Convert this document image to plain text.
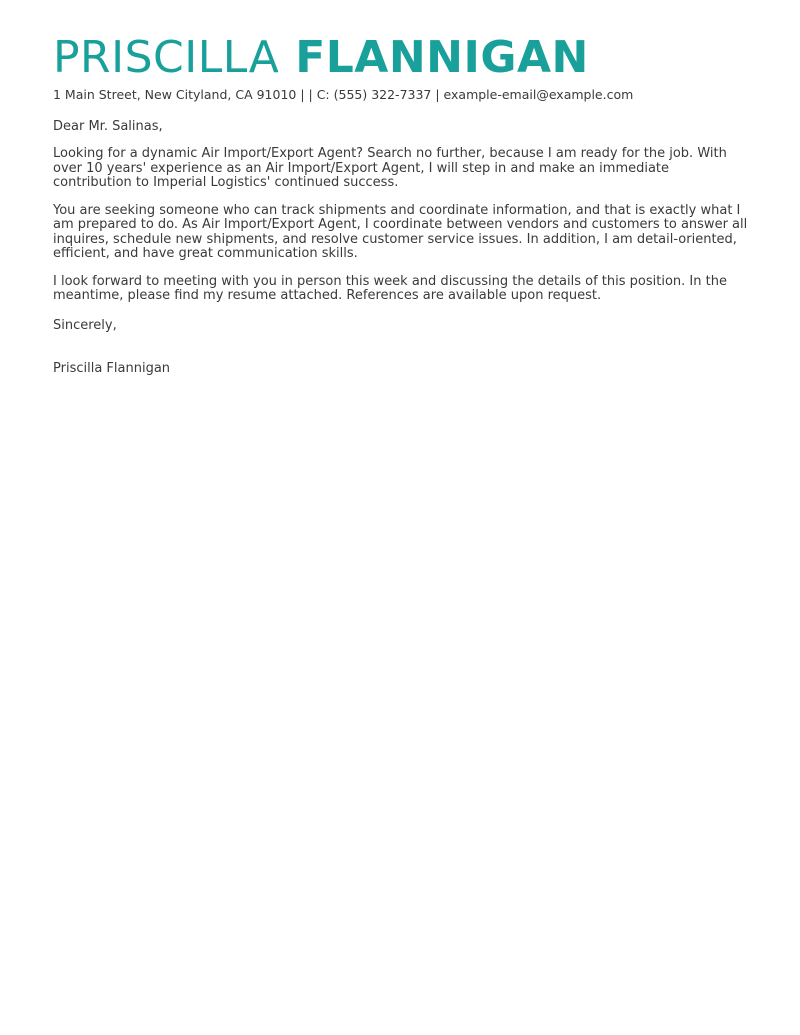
PRISCILLA FLANNIGAN

1 Main Street, New Cityland, CA 91010 | | C: (555) 322-7337 | example-email@example.com

Dear Mr. Salinas,

Looking for a dynamic Air Import/Export Agent? Search no further, because I am ready for the job. With over 10 years' experience as an Air Import/Export Agent, I will step in and make an immediate contribution to Imperial Logistics' continued success.

You are seeking someone who can track shipments and coordinate information, and that is exactly what I am prepared to do. As Air Import/Export Agent, I coordinate between vendors and customers to answer all inquires, schedule new shipments, and resolve customer service issues. In addition, I am detail-oriented, efficient, and have great communication skills.

I look forward to meeting with you in person this week and discussing the details of this position. In the meantime, please find my resume attached. References are available upon request.

Sincerely,

Priscilla Flannigan
